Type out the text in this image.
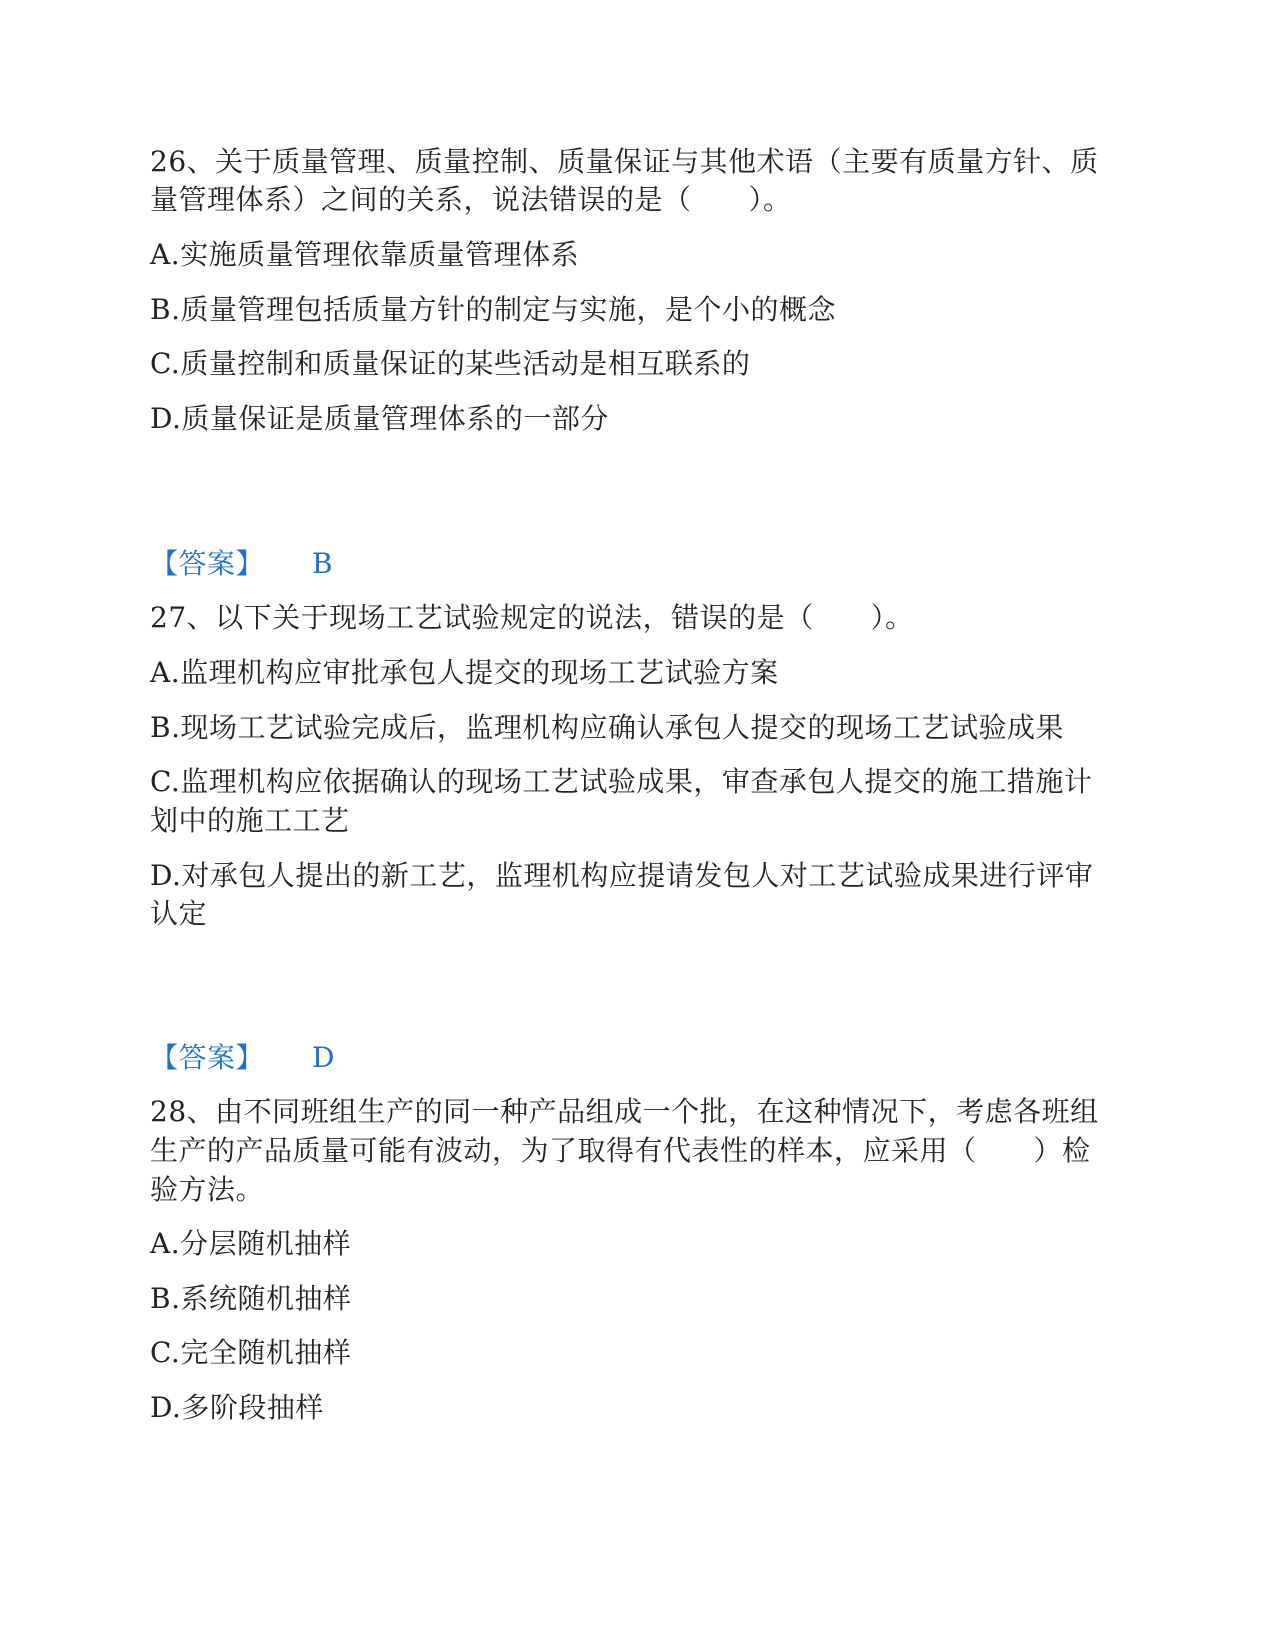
26、关于质量管理、质量控制、质量保证与其他术语（主要有质量方针、质
量管理体系）之间的关系，说法错误的是（　　）。
A.实施质量管理依靠质量管理体系
B.质量管理包括质量方针的制定与实施，是个小的概念
C.质量控制和质量保证的某些活动是相互联系的
D.质量保证是质量管理体系的一部分
【答案】 B
27、以下关于现场工艺试验规定的说法，错误的是（　　）。
A.监理机构应审批承包人提交的现场工艺试验方案
B.现场工艺试验完成后，监理机构应确认承包人提交的现场工艺试验成果
C.监理机构应依据确认的现场工艺试验成果，审查承包人提交的施工措施计
划中的施工工艺
D.对承包人提出的新工艺，监理机构应提请发包人对工艺试验成果进行评审
认定
【答案】 D
28、由不同班组生产的同一种产品组成一个批，在这种情况下，考虑各班组
生产的产品质量可能有波动，为了取得有代表性的样本，应采用（　　）检
验方法。
A.分层随机抽样
B.系统随机抽样
C.完全随机抽样
D.多阶段抽样
